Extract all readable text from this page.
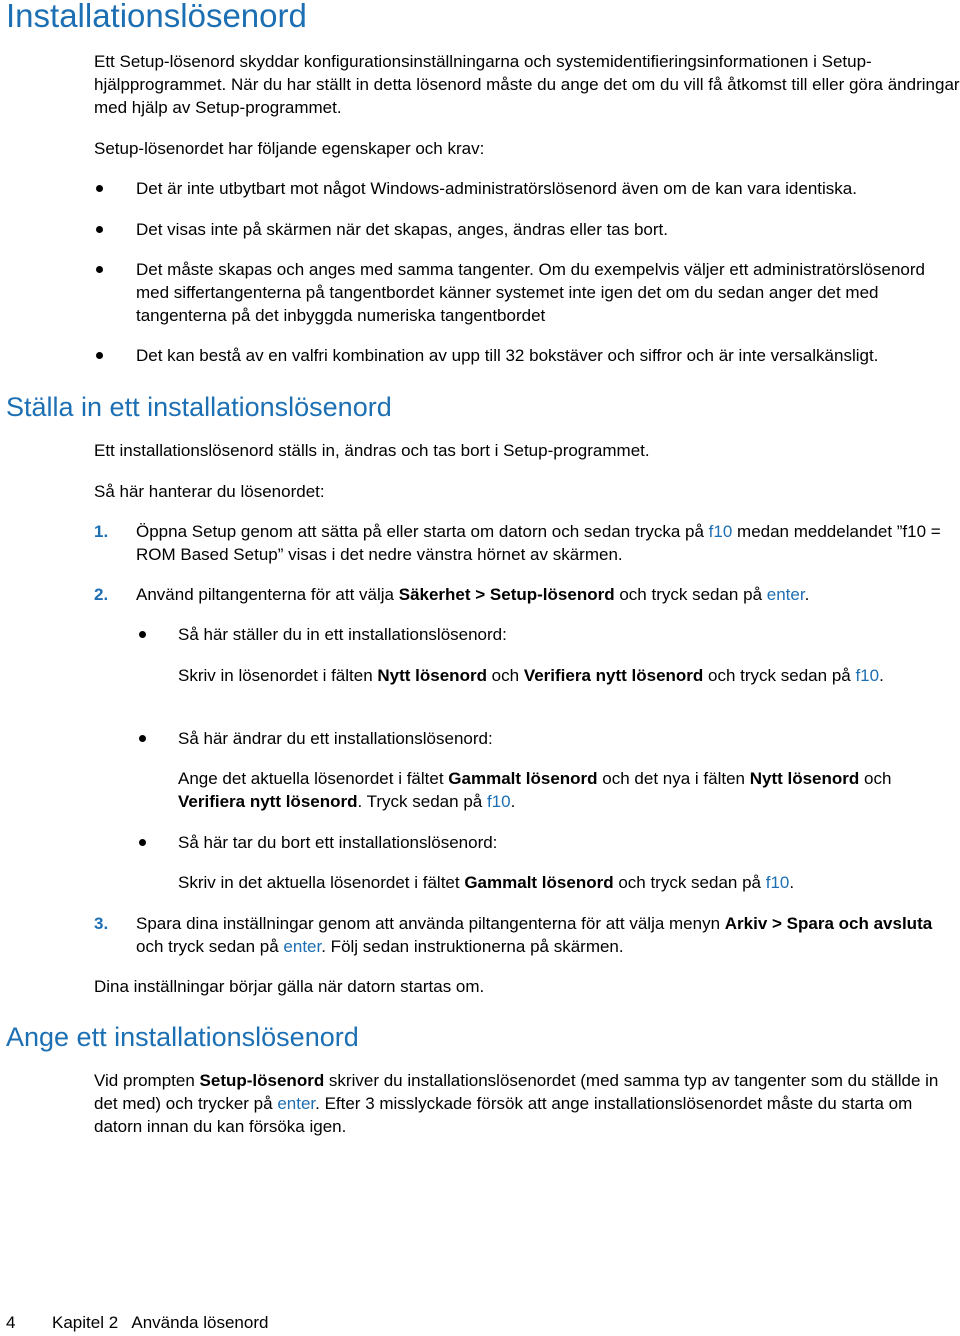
Installationslösenord

Ett Setup-lösenord skyddar konfigurationsinställningarna och systemidentifieringsinformationen i Setup-hjälpprogrammet. När du har ställt in detta lösenord måste du ange det om du vill få åtkomst till eller göra ändringar med hjälp av Setup-programmet.

Setup-lösenordet har följande egenskaper och krav:

Det är inte utbytbart mot något Windows-administratörslösenord även om de kan vara identiska.
Det visas inte på skärmen när det skapas, anges, ändras eller tas bort.
Det måste skapas och anges med samma tangenter. Om du exempelvis väljer ett administratörslösenord med siffertangenterna på tangentbordet känner systemet inte igen det om du sedan anger det med tangenterna på det inbyggda numeriska tangentbordet
Det kan bestå av en valfri kombination av upp till 32 bokstäver och siffror och är inte versalkänsligt.
Ställa in ett installationslösenord

Ett installationslösenord ställs in, ändras och tas bort i Setup-programmet.

Så här hanterar du lösenordet:

1. Öppna Setup genom att sätta på eller starta om datorn och sedan trycka på f10 medan meddelandet ”f10 = ROM Based Setup” visas i det nedre vänstra hörnet av skärmen.
2. Använd piltangenterna för att välja Säkerhet > Setup-lösenord och tryck sedan på enter.
Så här ställer du in ett installationslösenord:
Skriv in lösenordet i fälten Nytt lösenord och Verifiera nytt lösenord och tryck sedan på f10.
Så här ändrar du ett installationslösenord:
Ange det aktuella lösenordet i fältet Gammalt lösenord och det nya i fälten Nytt lösenord och Verifiera nytt lösenord. Tryck sedan på f10.
Så här tar du bort ett installationslösenord:
Skriv in det aktuella lösenordet i fältet Gammalt lösenord och tryck sedan på f10.
3. Spara dina inställningar genom att använda piltangenterna för att välja menyn Arkiv > Spara och avsluta och tryck sedan på enter. Följ sedan instruktionerna på skärmen.

Dina inställningar börjar gälla när datorn startas om.

Ange ett installationslösenord

Vid prompten Setup-lösenord skriver du installationslösenordet (med samma typ av tangenter som du ställde in det med) och trycker på enter. Efter 3 misslyckade försök att ange installationslösenordet måste du starta om datorn innan du kan försöka igen.

4 Kapitel 2   Använda lösenord
